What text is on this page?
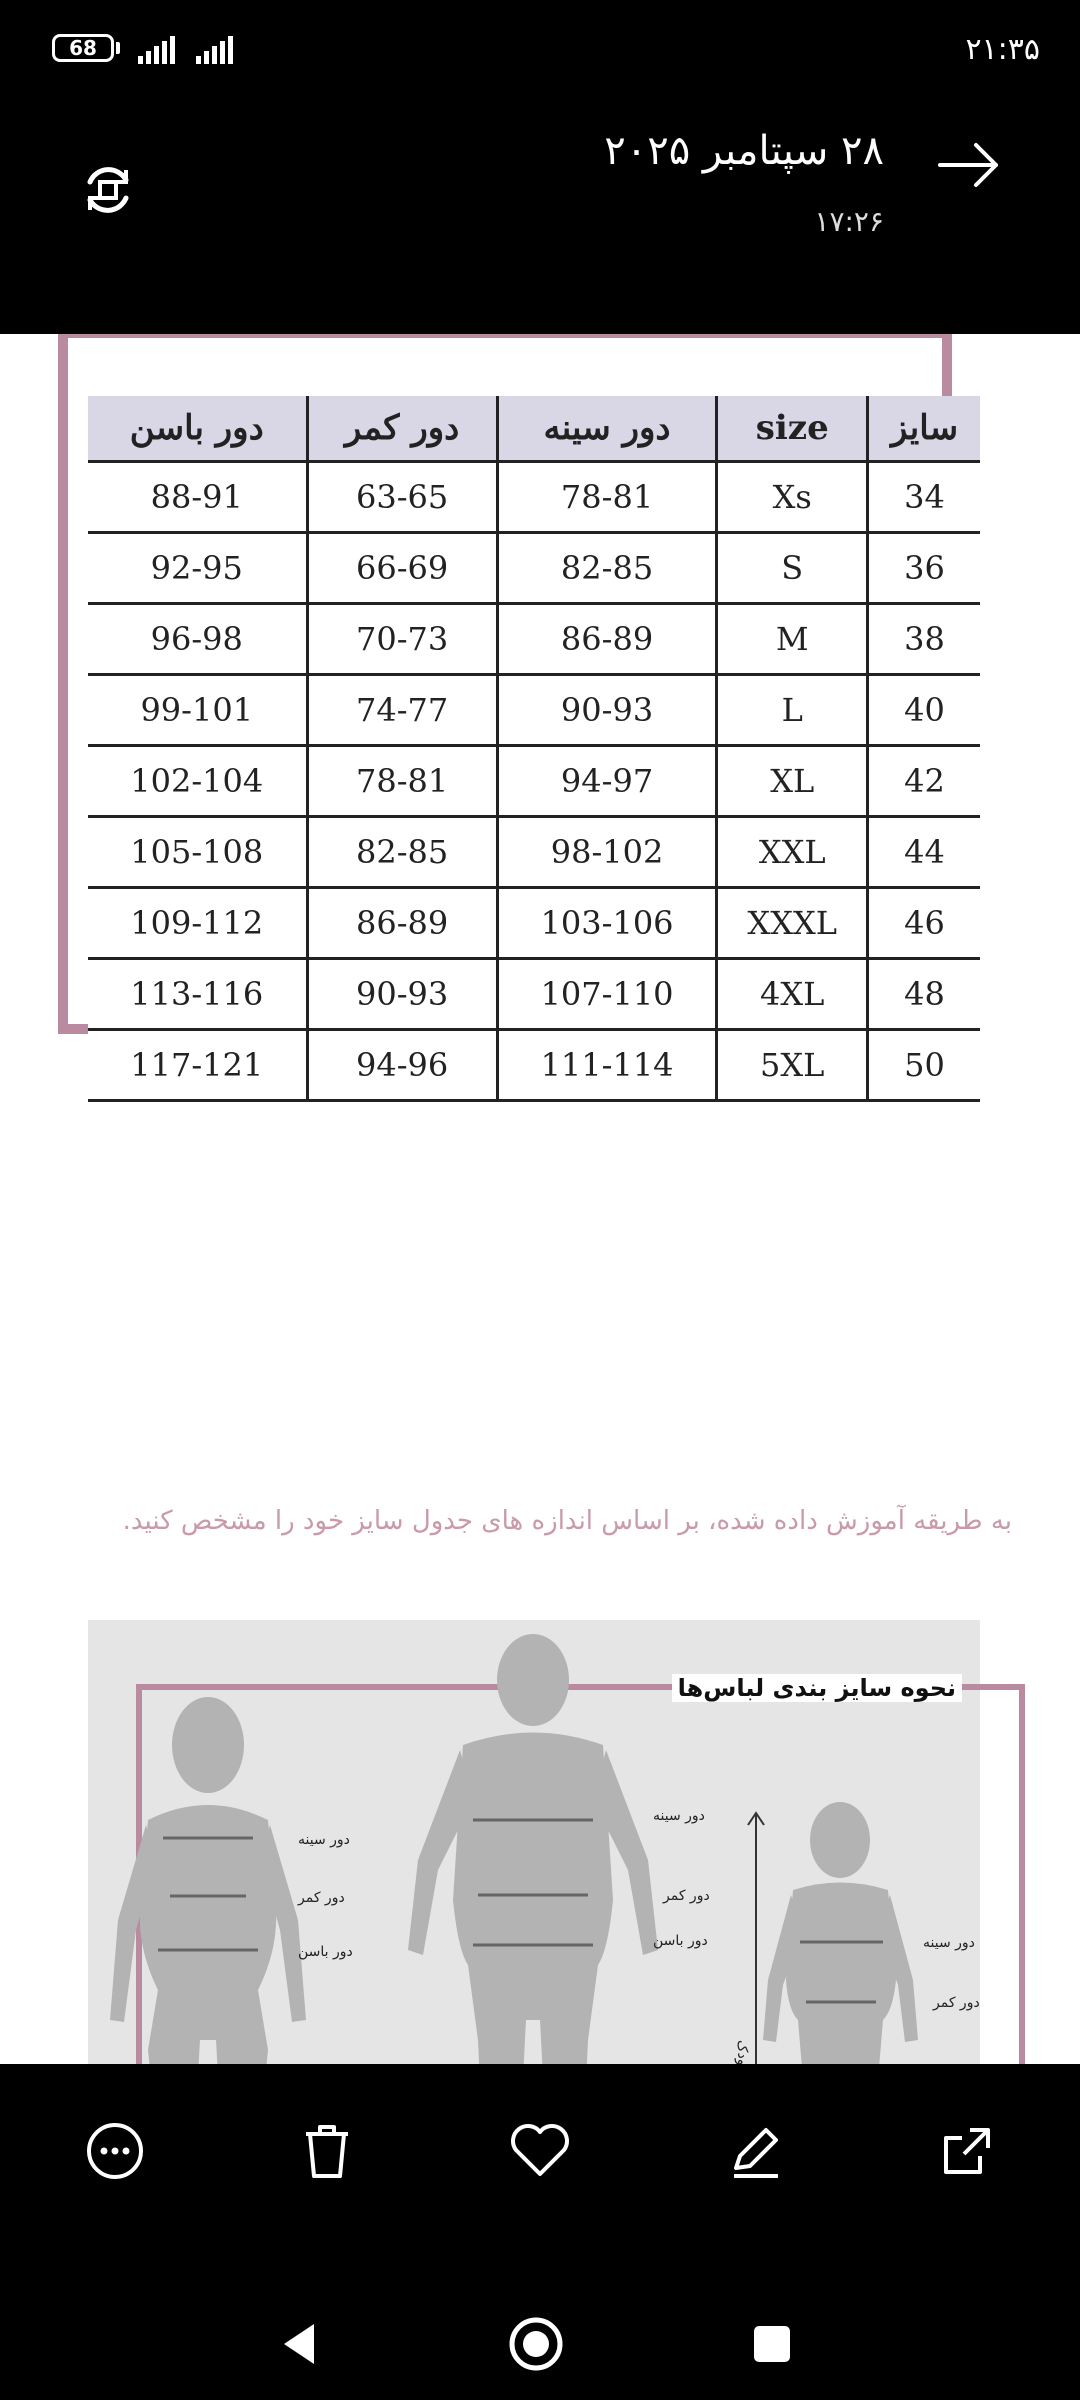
68	۲۱:۳۵
۲۸ سپتامبر ۲۰۲۵
۱۷:۲۶
دور باسن	دور کمر	دور سینه	size	سایز
88-91	63-65	78-81	Xs	34
92-95	66-69	82-85	S	36
96-98	70-73	86-89	M	38
99-101	74-77	90-93	L	40
102-104	78-81	94-97	XL	42
105-108	82-85	98-102	XXL	44
109-112	86-89	103-106	XXXL	46
113-116	90-93	107-110	4XL	48
117-121	94-96	111-114	5XL	50
به طریقه آموزش داده شده، بر اساس اندازه های جدول سایز خود را مشخص کنید.
نحوه سایز بندی لباس‌ها
دور سینه
دور کمر
دور باسن
دور سینه
دور کمر
دور باسن
قد کودک
دور سینه
دور کمر
